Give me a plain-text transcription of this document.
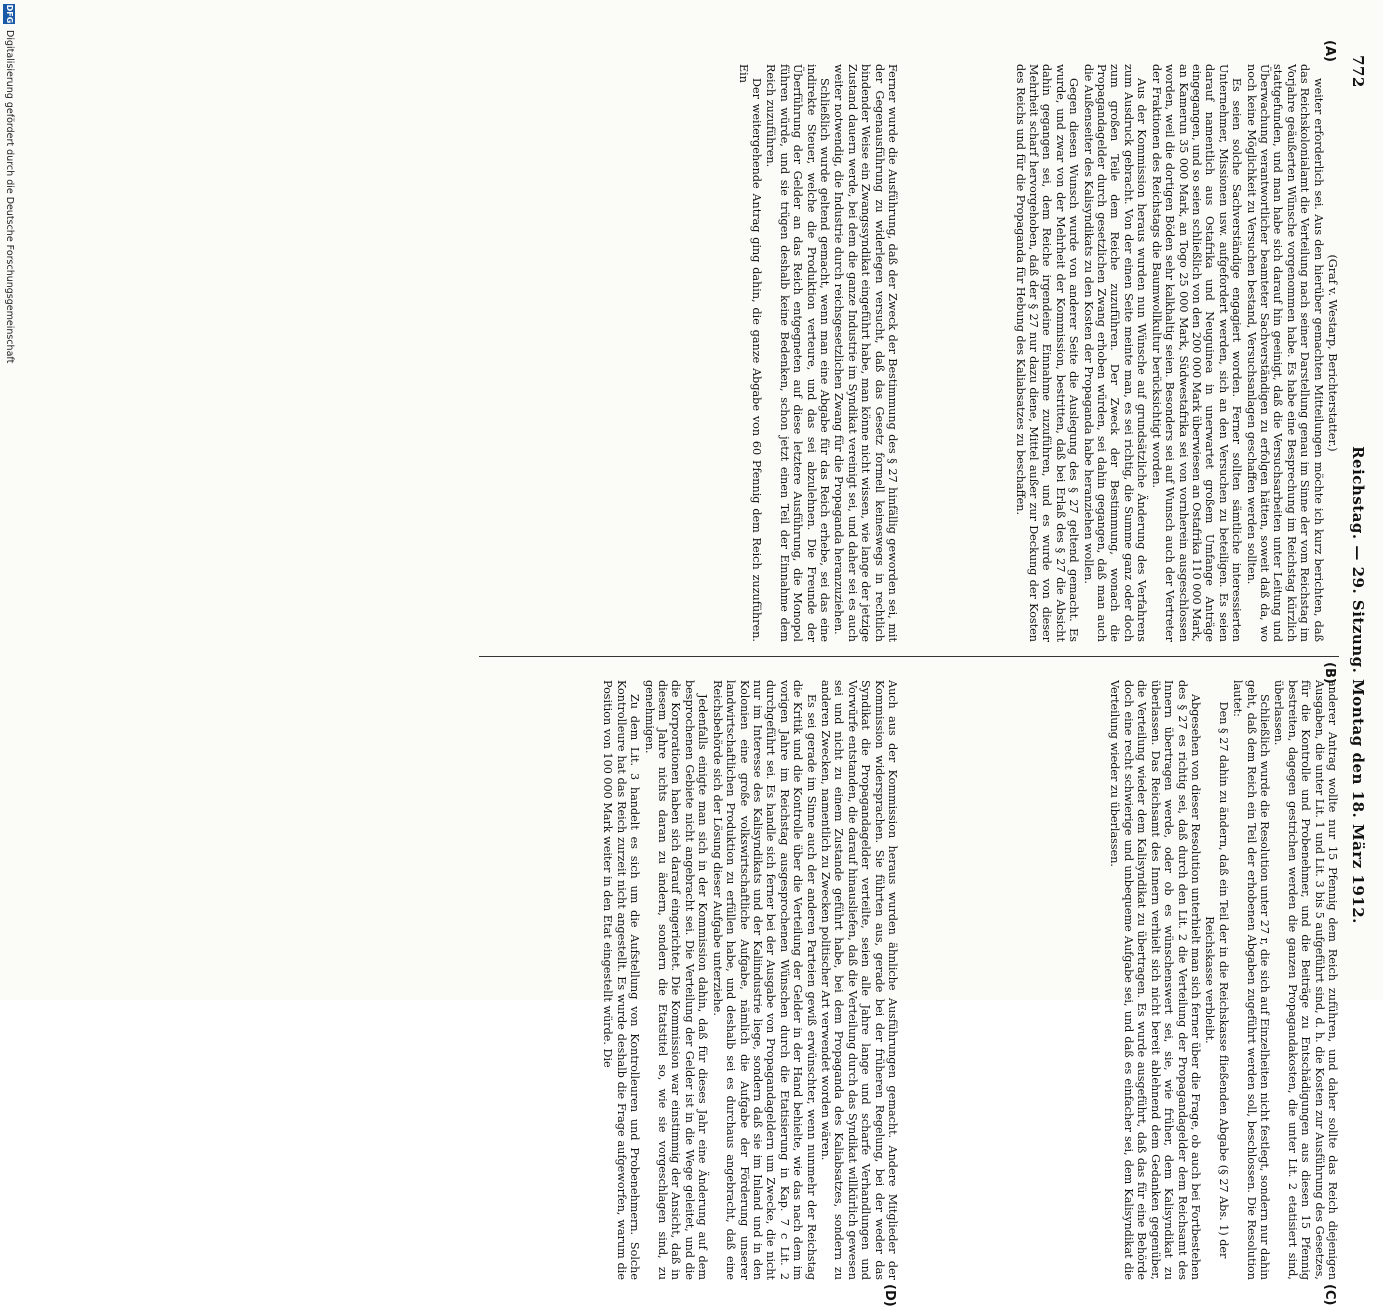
772
Reichstag. — 29. Sitzung. Montag den 18. März 1912.
(A)
(B)
(C)
(D)

(Graf v. Westarp, Berichterstatter.)

weiter erforderlich sei. Aus den hierüber gemachten Mitteilungen möchte ich kurz berichten, daß das Reichskolonialamt die Verteilung nach seiner Darstellung genau im Sinne der vom Reichstag im Vorjahre geäußerten Wünsche vorgenommen habe. Es habe eine Besprechung im Reichstag kürzlich stattgefunden, und man habe sich darauf hin geeinigt, daß die Versuchsarbeiten unter Leitung und Überwachung verantwortlicher beamteter Sachverständigen zu erfolgen hätten, soweit daß da, wo noch keine Möglichkeit zu Versuchen bestand, Versuchsanlagen geschaffen werden sollten.

Es seien solche Sachverständige engagiert worden. Ferner sollten sämtliche interessierten Unternehmer, Missionen usw. aufgefordert werden, sich an den Versuchen zu beteiligen. Es seien darauf namentlich aus Ostafrika und Neuguinea in unerwartet großem Umfange Anträge eingegangen, und so seien schließlich von den 200 000 Mark überwiesen an Ostafrika 110 000 Mark, an Kamerun 35 000 Mark, an Togo 25 000 Mark, Südwestafrika sei von vornherein ausgeschlossen worden, weil die dortigen Böden sehr kalkhaltig seien. Besonders sei auf Wunsch auch der Vertreter der Fraktionen des Reichstags die Baumwollkultur berücksichtigt worden.

Aus der Kommission heraus wurden nun Wünsche auf grundsätzliche Änderung des Verfahrens zum Ausdruck gebracht. Von der einen Seite meinte man, es sei richtig, die Summe ganz oder doch zum großen Teile dem Reiche zuzuführen. Der Zweck der Bestimmung, wonach die Propagandagelder durch gesetzlichen Zwang erhoben würden, sei dahin gegangen, daß man auch die Außenseiter des Kalisyndikats zu den Kosten der Propaganda habe heranziehen wollen.

Gegen diesen Wunsch wurde von anderer Seite die Auslegung des § 27 geltend gemacht. Es wurde, und zwar von der Mehrheit der Kommission, bestritten, daß bei Erlaß des § 27 die Absicht dahin gegangen sei, dem Reiche irgendeine Einnahme zuzuführen, und es wurde von dieser Mehrheit scharf hervorgehoben, daß der § 27 nur dazu diene, Mittel außer zur Deckung der Kosten des Reichs und für die Propaganda für Hebung des Kaliabsatzes zu beschaffen.

anderer Antrag wollte nur 15 Pfennig dem Reich zuführen, und daher sollte das Reich diejenigen Ausgaben, die unter Lit. 1 und Lit. 3 bis 5 aufgeführt sind, d. h. die Kosten zur Ausführung des Gesetzes, für die Kontrolle und Probenehmer, und die Beiträge zu Entschädigungen aus diesen 15 Pfennig bestreiten, dagegen gestrichen werden die ganzen Propagandakosten, die unter Lit. 2 etatisiert sind, überlassen.

Schließlich wurde die Resolution unter 27 r, die sich auf Einzelheiten nicht festlegt, sondern nur dahin geht, daß dem Reich ein Teil der erhobenen Abgaben zugeführt werden soll, beschlossen. Die Resolution lautet:

Den § 27 dahin zu ändern, daß ein Teil der in die Reichskasse fließenden Abgabe (§ 27 Abs. 1) der Reichskasse verbleibt.

Abgesehen von dieser Resolution unterhielt man sich ferner über die Frage, ob auch bei Fortbestehen des § 27 es richtig sei, daß durch den Lit. 2 die Verteilung der Propagandagelder dem Reichsamt des Innern übertragen werde, oder ob es wünschenswert sei, sie, wie früher, dem Kalisyndikat zu überlassen. Das Reichsamt des Innern verhielt sich nicht bereit ablehnend dem Gedanken gegenüber, die Verteilung wieder dem Kalisyndikat zu übertragen. Es wurde ausgeführt, daß das für eine Behörde doch eine recht schwierige und unbequeme Aufgabe sei, und daß es einfacher sei, dem Kalisyndikat die Verteilung wieder zu überlassen.

Ferner wurde die Ausführung, daß der Zweck der Bestimmung des § 27 hinfällig geworden sei, mit der Gegenausführung zu widerlegen versucht, daß das Gesetz formell keineswegs in rechtlich bindender Weise ein Zwangssyndikat eingeführt habe, man könne nicht wissen, wie lange der jetzige Zustand dauern werde, bei dem die ganze Industrie im Syndikat vereinigt sei, und daher sei es auch weiter notwendig, die Industrie durch reichsgesetzlichen Zwang für die Propaganda heranzuziehen.

Schließlich wurde geltend gemacht, wenn man eine Abgabe für das Reich erhebe, sei das eine indirekte Steuer, welche die Produktion verteure, und das sei abzulehnen. Die Freunde der Überführung der Gelder an das Reich entgegneten auf diese letztere Ausführung, die Monopol führen würde, und sie trügen deshalb keine Bedenken, schon jetzt einen Teil der Einnahme dem Reich zuzuführen.

Der weitergehende Antrag ging dahin, die ganze Abgabe von 60 Pfennig dem Reich zuzuführen. Ein

Auch aus der Kommission heraus wurden ähnliche Ausführungen gemacht. Andere Mitglieder der Kommission widersprachen. Sie führten aus, gerade bei der früheren Regelung, bei der weder das Syndikat die Propagandagelder verteilte, seien alle Jahre lange und scharfe Verhandlungen und Vorwürfe entstanden, die darauf hinausliefen, daß die Verteilung durch das Syndikat willkürlich gewesen sei und nicht zu einem Zustande geführt habe, bei dem Propaganda des Kaliabsatzes, sondern zu anderen Zwecken, namentlich zu Zwecken politischer Art verwendet worden wären.

Es sei gerade im Sinne auch der anderen Parteien gewiß erwünschter, wenn nunmehr der Reichstag die Kritik und die Kontrolle über die Verteilung der Gelder in der Hand behielte, wie das nach dem im vorigen Jahre im Reichstag ausgesprochenen Wünschen durch die Etatisierung in Kap. 7 c Lit. 2 durchgeführt sei. Es handle sich ferner bei der Ausgabe von Propagandageldern um Zwecke, die nicht nur im Interesse des Kalisyndikats und der Kaliindustrie liege, sondern daß sie im Inland und in den Kolonien eine große volkswirtschaftliche Aufgabe, nämlich die Aufgabe der Förderung unserer landwirtschaftlichen Produktion zu erfüllen habe, und deshalb sei es durchaus angebracht, daß eine Reichsbehörde sich der Lösung dieser Aufgabe unterziehe.

Jedenfalls einigte man sich in der Kommission dahin, daß für dieses Jahr eine Änderung auf dem besprochenen Gebiete nicht angebracht sei. Die Verteilung der Gelder ist in die Wege geleitet, und die die Korporationen haben sich darauf eingerichtet. Die Kommission war einstimmig der Ansicht, daß in diesem Jahre nichts daran zu ändern, sondern die Etatstitel so, wie sie vorgeschlagen sind, zu genehmigen.

Zu dem Lit. 3 handelt es sich um die Aufstellung von Kontrolleuren und Probenehmern. Solche Kontrolleure hat das Reich zurzeit nicht angestellt. Es wurde deshalb die Frage aufgeworfen, warum die Position von 100 000 Mark weiter in den Etat eingestellt würde. Die

DFG
Digitalisierung gefördert durch die Deutsche Forschungsgemeinschaft
